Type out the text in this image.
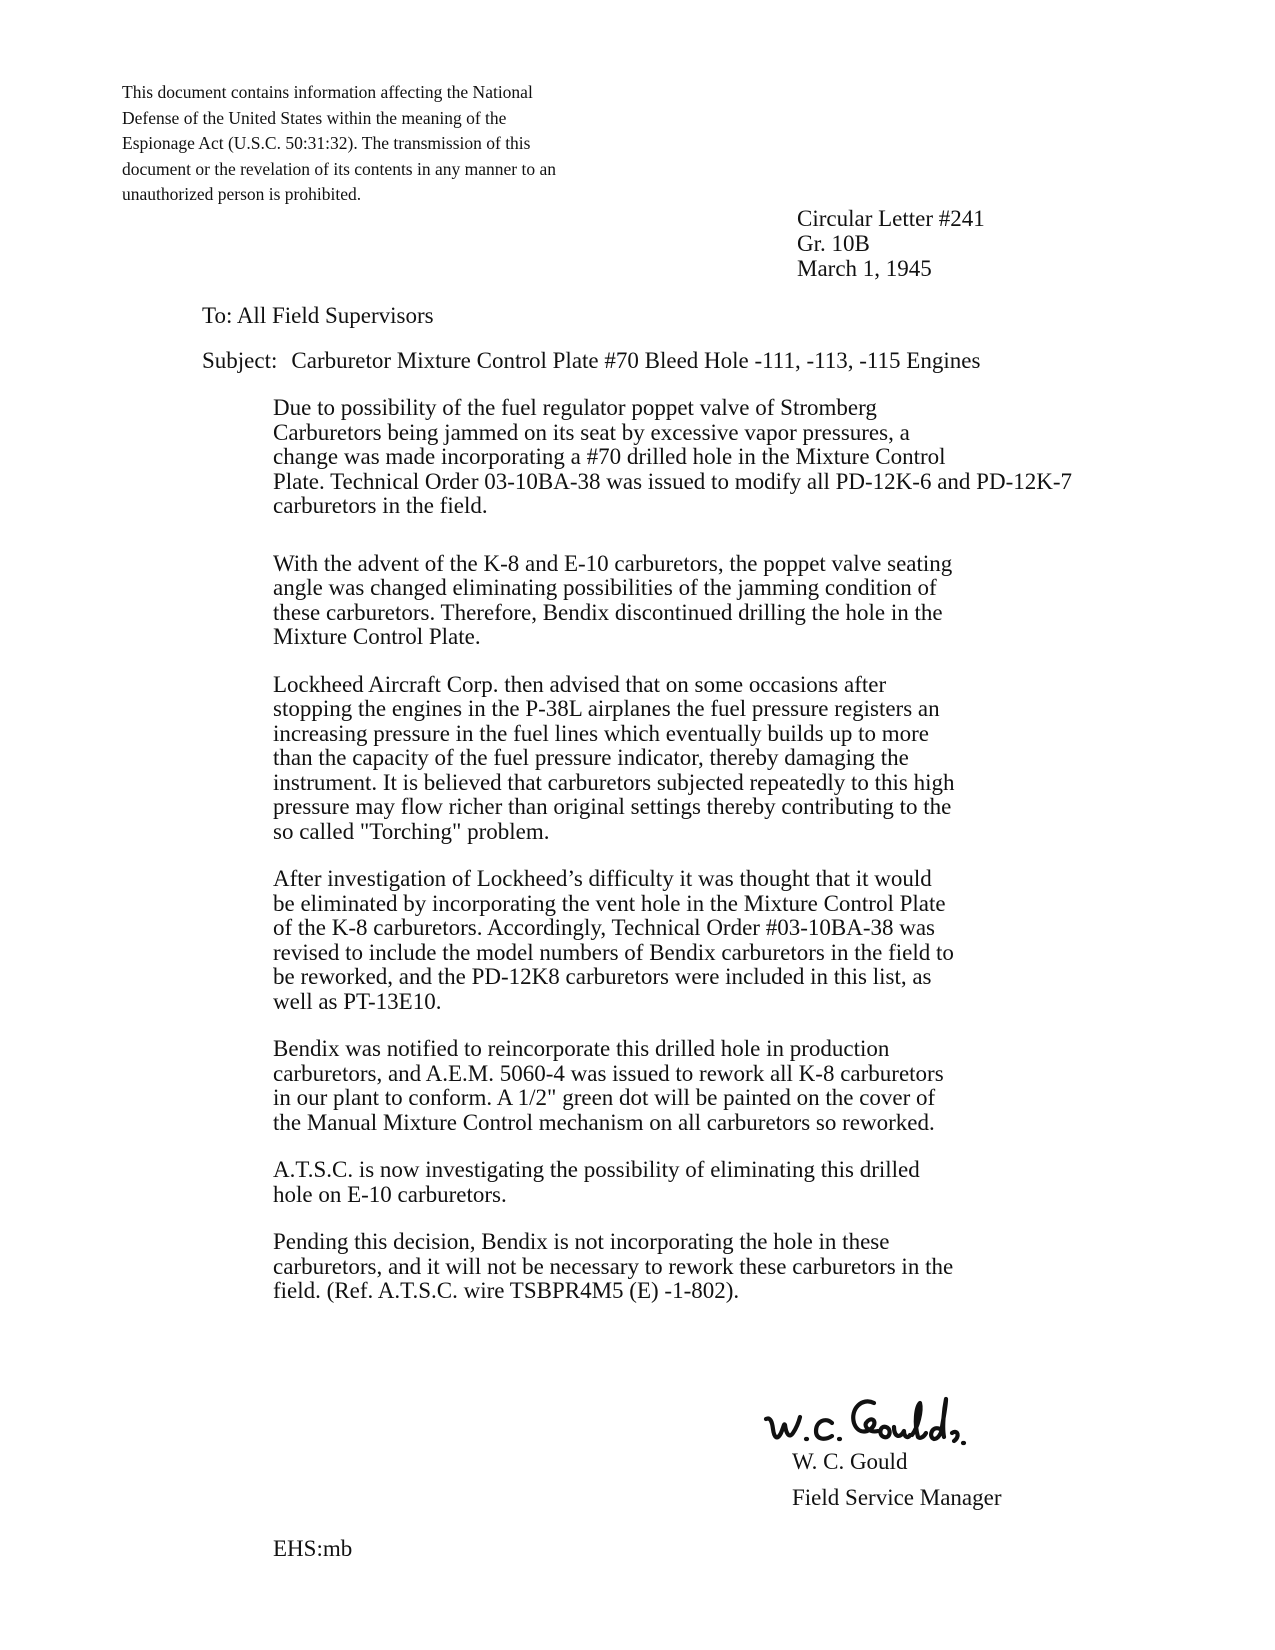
This document contains information affecting the National
Defense of the United States within the meaning of the
Espionage Act (U.S.C. 50:31:32). The transmission of this
document or the revelation of its contents in any manner to an
unauthorized person is prohibited.
Circular Letter #241
Gr. 10B
March 1, 1945
To: All Field Supervisors
Subject: Carburetor Mixture Control Plate #70 Bleed Hole -111, -113, -115 Engines

Due to possibility of the fuel regulator poppet valve of Stromberg
Carburetors being jammed on its seat by excessive vapor pressures, a
change was made incorporating a #70 drilled hole in the Mixture Control
Plate. Technical Order 03-10BA-38 was issued to modify all PD-12K-6 and PD-12K-7
carburetors in the field.

With the advent of the K-8 and E-10 carburetors, the poppet valve seating
angle was changed eliminating possibilities of the jamming condition of
these carburetors. Therefore, Bendix discontinued drilling the hole in the
Mixture Control Plate.

Lockheed Aircraft Corp. then advised that on some occasions after
stopping the engines in the P-38L airplanes the fuel pressure registers an
increasing pressure in the fuel lines which eventually builds up to more
than the capacity of the fuel pressure indicator, thereby damaging the
instrument. It is believed that carburetors subjected repeatedly to this high
pressure may flow richer than original settings thereby contributing to the
so called "Torching" problem.

After investigation of Lockheed’s difficulty it was thought that it would
be eliminated by incorporating the vent hole in the Mixture Control Plate
of the K-8 carburetors. Accordingly, Technical Order #03-10BA-38 was
revised to include the model numbers of Bendix carburetors in the field to
be reworked, and the PD-12K8 carburetors were included in this list, as
well as PT-13E10.

Bendix was notified to reincorporate this drilled hole in production
carburetors, and A.E.M. 5060-4 was issued to rework all K-8 carburetors
in our plant to conform. A 1/2" green dot will be painted on the cover of
the Manual Mixture Control mechanism on all carburetors so reworked.

A.T.S.C. is now investigating the possibility of eliminating this drilled
hole on E-10 carburetors.

Pending this decision, Bendix is not incorporating the hole in these
carburetors, and it will not be necessary to rework these carburetors in the
field. (Ref. A.T.S.C. wire TSBPR4M5 (E) -1-802).

W. C. Gould
Field Service Manager
EHS:mb
